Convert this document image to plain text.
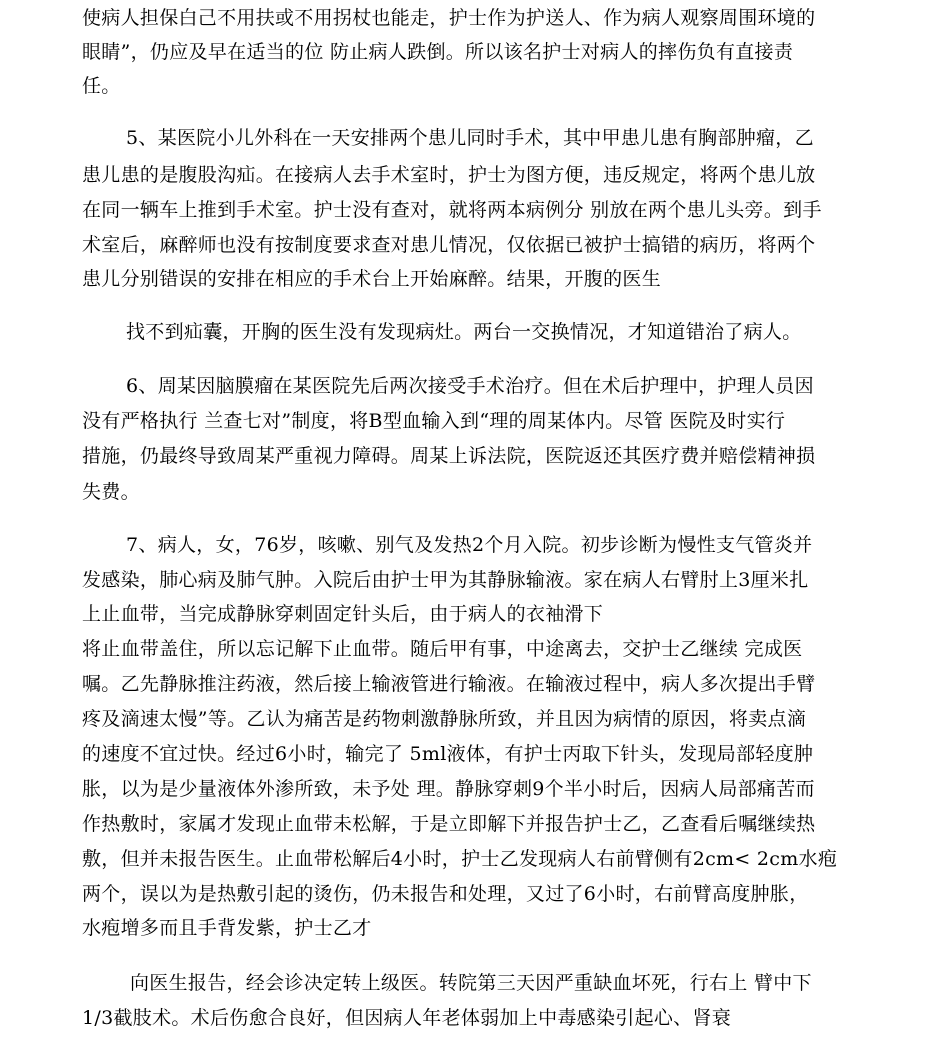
使病人担保白己不用扶或不用拐杖也能走，护士作为护送人、作为病人观察周围环境的
眼睛”，仍应及早在适当的位 防止病人跌倒。所以该名护士对病人的摔伤负有直接责
任。
5、某医院小儿外科在一天安排两个患儿同时手术，其中甲患儿患有胸部肿瘤，乙
患儿患的是腹股沟疝。在接病人去手术室时，护士为图方便，违反规定，将两个患儿放
在同一辆车上推到手术室。护士没有查对，就将两本病例分 别放在两个患儿头旁。到手
术室后，麻醉师也没有按制度要求查对患儿情况，仅依据已被护士搞错的病历，将两个
患儿分别错误的安排在相应的手术台上开始麻醉。结果，开腹的医生
找不到疝囊，开胸的医生没有发现病灶。两台一交换情况，才知道错治了病人。
6、周某因脑膜瘤在某医院先后两次接受手术治疗。但在术后护理中，护理人员因
没有严格执行 兰查七对”制度，将B型血输入到“理的周某体内。尽管 医院及时实行
措施，仍最终导致周某严重视力障碍。周某上诉法院，医院返还其医疗费并赔偿精神损
失费。
7、病人，女，76岁，咳嗽、别气及发热2个月入院。初步诊断为慢性支气管炎并
发感染，肺心病及肺气肿。入院后由护士甲为其静脉输液。家在病人右臂肘上3厘米扎
上止血带，当完成静脉穿刺固定针头后，由于病人的衣袖滑下
将止血带盖住，所以忘记解下止血带。随后甲有事，中途离去，交护士乙继续 完成医
嘱。乙先静脉推注药液，然后接上输液管进行输液。在输液过程中，病人多次提出手臂
疼及滴速太慢”等。乙认为痛苦是药物刺激静脉所致，并且因为病情的原因，将卖点滴
的速度不宜过快。经过6小时，输完了 5ml液体，有护士丙取下针头，发现局部轻度肿
胀，以为是少量液体外渗所致，未予处 理。静脉穿刺9个半小时后，因病人局部痛苦而
作热敷时，家属才发现止血带未松解，于是立即解下并报告护士乙，乙查看后嘱继续热
敷，但并未报告医生。止血带松解后4小时，护士乙发现病人右前臂侧有2cm< 2cm水疱
两个，误以为是热敷引起的烫伤，仍未报告和处理，又过了6小时，右前臂高度肿胀，
水疱增多而且手背发紫，护士乙才
向医生报告，经会诊决定转上级医。转院第三天因严重缺血坏死，行右上 臂中下
1/3截肢术。术后伤愈合良好，但因病人年老体弱加上中毒感染引起心、肾衰
